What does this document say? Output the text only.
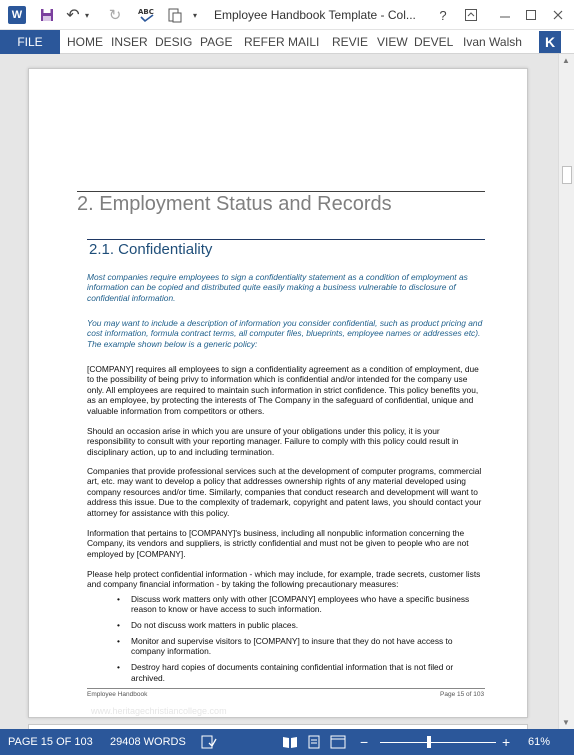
W	↶ ▾ ↻	ABC	▾	Employee Handbook Template - Col... ?
FILE	HOME INSER DESIG PAGE REFER MAILI REVIE VIEW DEVEL Ivan Walsh	K
2. Employment Status and Records
2.1. Confidentiality
Most companies require employees to sign a confidentiality statement as a condition of employment as information can be copied and distributed quite easily making a business vulnerable to disclosure of confidential information.
You may want to include a description of information you consider confidential, such as product pricing and cost information, formula contract terms, all computer files, blueprints, employee names or addresses etc). The example shown below is a generic policy:
[COMPANY] requires all employees to sign a confidentiality agreement as a condition of employment, due to the possibility of being privy to information which is confidential and/or intended for the company use only. All employees are required to maintain such information in strict confidence. This policy benefits you, as an employee, by protecting the interests of The Company in the safeguard of confidential, unique and valuable information from competitors or others.
Should an occasion arise in which you are unsure of your obligations under this policy, it is your responsibility to consult with your reporting manager. Failure to comply with this policy could result in disciplinary action, up to and including termination.
Companies that provide professional services such at the development of computer programs, commercial art, etc. may want to develop a policy that addresses ownership rights of any material developed using company resources and/or time. Similarly, companies that conduct research and development will want to address this issue. Due to the complexity of trademark, copyright and patent laws, you should contact your attorney for assistance with this policy.
Information that pertains to [COMPANY]'s business, including all nonpublic information concerning the Company, its vendors and suppliers, is strictly confidential and must not be given to people who are not employed by [COMPANY].
Please help protect confidential information - which may include, for example, trade secrets, customer lists and company financial information - by taking the following precautionary measures:
• Discuss work matters only with other [COMPANY] employees who have a specific business reason to know or have access to such information.
• Do not discuss work matters in public places.
• Monitor and supervise visitors to [COMPANY] to insure that they do not have access to company information.
• Destroy hard copies of documents containing confidential information that is not filed or archived.
Employee Handbook	Page 15 of 103
www.heritagechristiancollege.com
▲
▼
PAGE 15 OF 103 29408 WORDS	−	+ 61%
